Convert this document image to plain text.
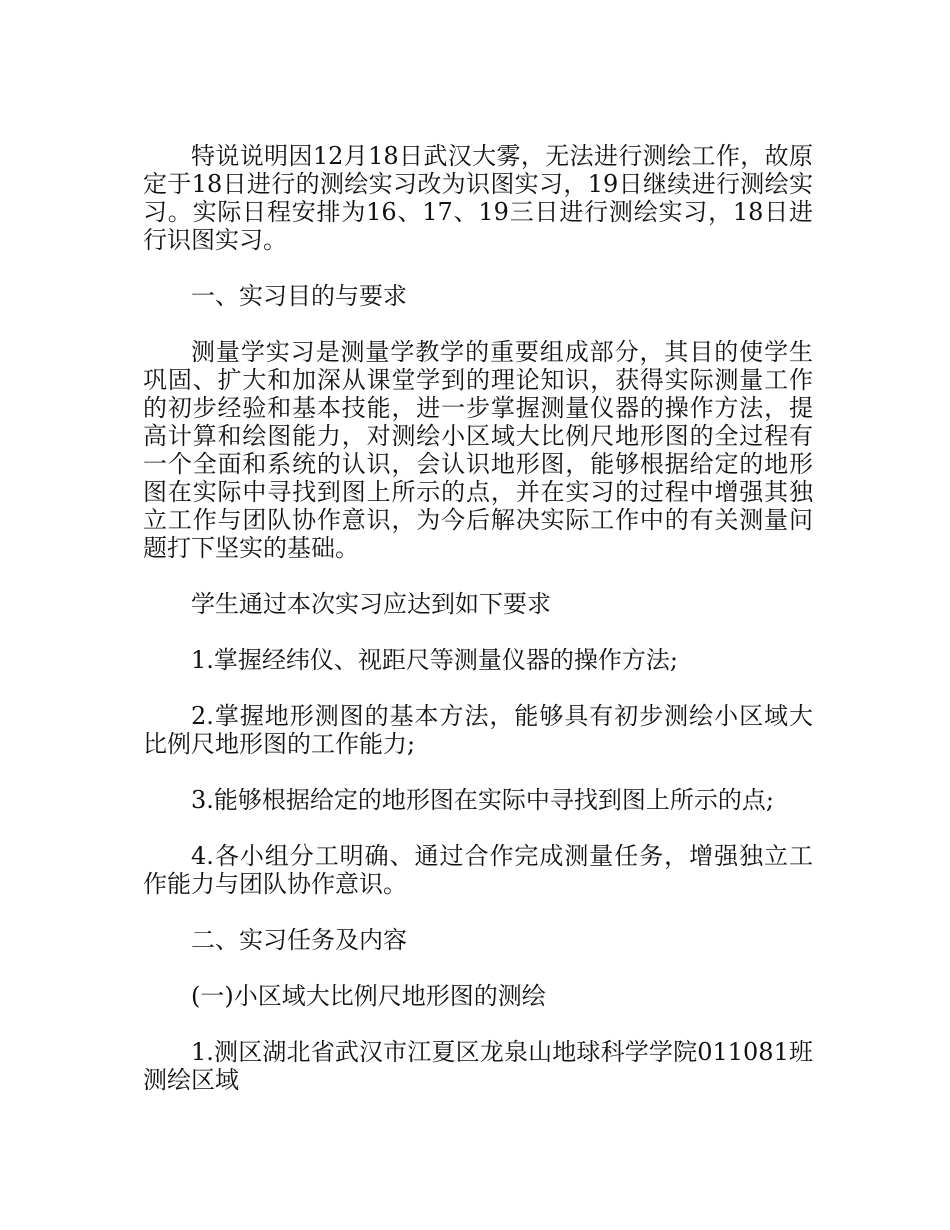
特说说明因12月18日武汉大雾，无法进行测绘工作，故原定于18日进行的测绘实习改为识图实习，19日继续进行测绘实习。实际日程安排为16、17、19三日进行测绘实习，18日进行识图实习。

一、实习目的与要求

测量学实习是测量学教学的重要组成部分，其目的使学生巩固、扩大和加深从课堂学到的理论知识，获得实际测量工作的初步经验和基本技能，进一步掌握测量仪器的操作方法，提高计算和绘图能力，对测绘小区域大比例尺地形图的全过程有一个全面和系统的认识，会认识地形图，能够根据给定的地形图在实际中寻找到图上所示的点，并在实习的过程中增强其独立工作与团队协作意识，为今后解决实际工作中的有关测量问题打下坚实的基础。

学生通过本次实习应达到如下要求

1.掌握经纬仪、视距尺等测量仪器的操作方法;

2.掌握地形测图的基本方法，能够具有初步测绘小区域大比例尺地形图的工作能力;

3.能够根据给定的地形图在实际中寻找到图上所示的点;

4.各小组分工明确、通过合作完成测量任务，增强独立工作能力与团队协作意识。

二、实习任务及内容

(一)小区域大比例尺地形图的测绘

1.测区湖北省武汉市江夏区龙泉山地球科学学院011081班测绘区域
